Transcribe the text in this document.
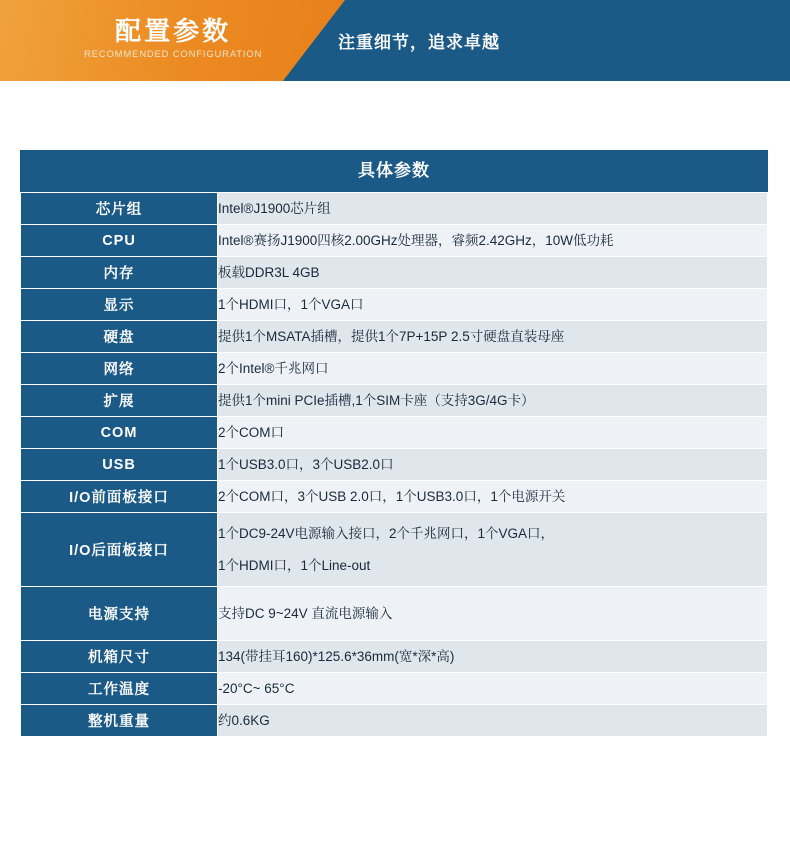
配置参数
RECOMMENDED CONFIGURATION
注重细节，追求卓越
具体参数
芯片组	Intel®J1900芯片组

CPU	Intel®赛扬J1900四核2.00GHz处理器，睿频2.42GHz，10W低功耗

内存	板载DDR3L 4GB

显示	1个HDMI口，1个VGA口

硬盘	提供1个MSATA插槽，提供1个7P+15P 2.5寸硬盘直装母座

网络	2个Intel®千兆网口

扩展	提供1个mini PCIe插槽,1个SIM卡座（支持3G/4G卡）

COM	2个COM口

USB	1个USB3.0口，3个USB2.0口

I/O前面板接口	2个COM口，3个USB 2.0口，1个USB3.0口，1个电源开关

I/O后面板接口	1个DC9-24V电源输入接口，2个千兆网口，1个VGA口，
1个HDMI口，1个Line-out

电源支持	支持DC 9~24V 直流电源输入

机箱尺寸	134(带挂耳160)*125.6*36mm(宽*深*高)

工作温度	-20°C~ 65°C

整机重量	约0.6KG
